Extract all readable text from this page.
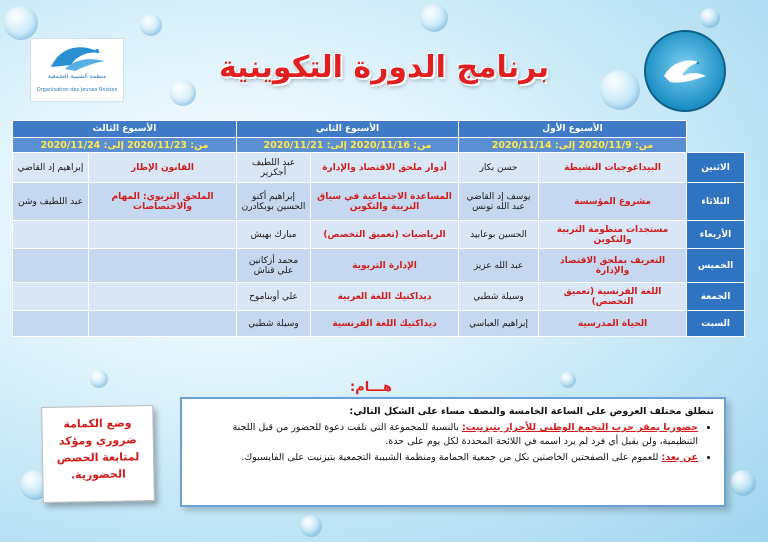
منظمة الشبيبة التجمعية
Organisation des Jeunes Rnistes
برنامج الدورة التكوينية
	الأسبوع الأول		الأسبوع الثاني		الأسبوع الثالث	
	من: 2020/11/9 إلى: 2020/11/14		من: 2020/11/16 إلى: 2020/11/21		من: 2020/11/23 إلى: 2020/11/24	
الاثنين	البيداغوجيات النشيطة	حسن بكار	أدوار ملحق الاقتصاد والإدارة	عبد اللطيف أجكرير	القانون الإطار	إبراهيم إد القاضي
الثلاثاء	مشروع المؤسسة	يوسف إد القاضي عبد الله تونس	المساعدة الاجتماعية في سياق التربية والتكوين	إبراهيم أكنو الحسين بوبكادرن	الملحق التربوي: المهام والاختصاصات	عبد اللطيف وشن
الأربعاء	مستجدات منظومة التربية والتكوين	الحسين بوعابيد	الرياضيات (تعميق التخصص)	مبارك بهيش		
الخميس	التعريف بملحق الاقتصاد والإدارة	عبد الله عزيز	الإدارة التربوية	محمد أزكانين علي قناش		
الجمعة	اللغة الفرنسية (تعميق التخصص)	وسيلة شطبي	ديداكتيك اللغة العربية	علي أوبناموح		
السبت	الحياة المدرسية	إبراهيم العباسي	ديداكتيك اللغة الفرنسية	وسيلة شطبي		
هـــام:
تنطلق مختلف العروض على الساعة الخامسة والنصف مساء على الشكل التالي:
• حضوريا بمقر حزب التجمع الوطني للأحرار بتيزنيت: بالنسبة للمجموعة التي تلقت دعوة للحضور من قبل اللجنة التنظيمية، ولن يقبل أي فرد لم يرد اسمه في اللائحة المحددة لكل يوم على حدة.
• عن بعد: للعموم على الصفحتين الخاصتين بكل من جمعية الحمامة ومنظمة الشبيبة التجمعية بتيزنيت على الفايسبوك.
وضع الكمامة ضروري ومؤكد لمتابعة الحصص الحضورية.
